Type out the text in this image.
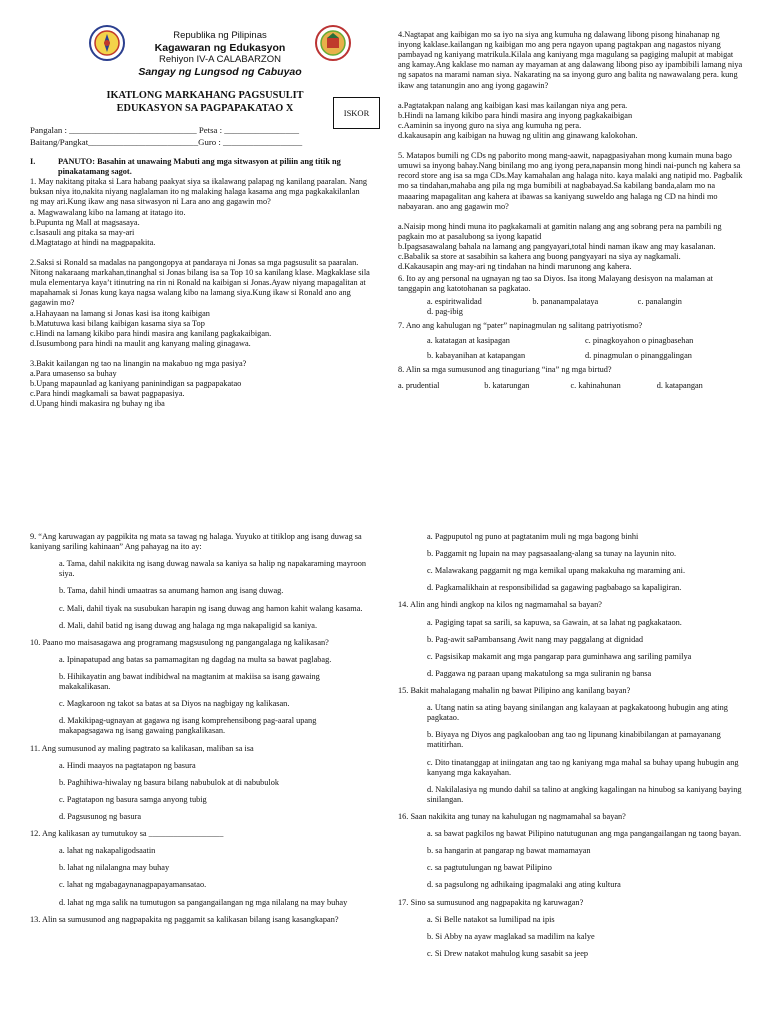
Republika ng Pilipinas
Kagawaran ng Edukasyon
Rehiyon IV-A CALABARZON
Sangay ng Lungsod ng Cabuyao
IKATLONG MARKAHANG PAGSUSULIT
EDUKASYON SA PAGPAPAKATAO X	ISKOR
Pangalan : _____________________________ Petsa : _________________
Baitang/Pangkat_________________________Guro : __________________
I.	PANUTO: Basahin at unawaing Mabuti ang mga sitwasyon at piliin ang titik ng pinakatamang sagot.

1. May nakitang pitaka si Lara habang paakyat siya sa ikalawang palapag ng kanilang paaralan. Nang buksan niya ito,nakita niyang naglalaman ito ng malaking halaga kasama ang mga pagkakakilanlan ng may ari.Kung ikaw ang nasa sitwasyon ni Lara ano ang gagawin mo?

a. Magwawalang kibo na lamang at itatago ito.

b.Pupunta ng Mall at magsasaya.

c.Isasauli ang pitaka sa may-ari

d.Magtatago at hindi na magpapakita.

2.Saksi si Ronald sa madalas na pangongopya at pandaraya ni Jonas sa mga pagsusulit sa paaralan. Nitong nakaraang markahan,tinanghal si Jonas bilang isa sa Top 10 sa kanilang klase. Magkaklase sila mula elementarya kaya’t itinutring na rin ni Ronald na kaibigan si Jonas.Ayaw niyang mapagalitan at mapahamak si Jonas kung kaya nagsa walang kibo na lamang siya.Kung ikaw si Ronald ano ang gagawin mo?

a.Hahayaan na lamang si Jonas kasi isa itong kaibigan

b.Matutuwa kasi bilang kaibigan kasama siya sa Top

c.Hindi na lamang kikibo para hindi masira ang kanilang pagkakaibigan.

d.Isusumbong para hindi na maulit ang kanyang maling ginagawa.

3.Bakit kailangan ng tao na linangin na makabuo ng mga pasiya?

a.Para umasenso sa buhay

b.Upang mapaunlad ag kaniyang paninindigan sa pagpapakatao

c.Para hindi magkamali sa bawat pagpapasiya.

d.Upang hindi makasira ng buhay ng iba

4.Nagtapat ang kaibigan mo sa iyo na siya ang kumuha ng dalawang libong pisong hinahanap ng inyong kaklase.kailangan ng kaibigan mo ang pera ngayon upang pagtakpan ang nagastos niyang pambayad ng kaniyang matrikula.Kilala ang kaniyang mga magulang sa pagiging malupit at mabigat ang kamay.Ang kaklase mo naman ay mayaman at ang dalawang libong piso ay ipambibili lamang niya ng sapatos na marami naman siya. Nakarating na sa inyong guro ang balita ng nawawalang pera. kung ikaw ang tatanungin ano ang iyong gagawin?

a.Pagtatakpan nalang ang kaibigan kasi mas kailangan niya ang pera.

b.Hindi na lamang kikibo para hindi masira ang inyong pagkakaibigan

c.Aaminin sa inyong guro na siya ang kumuha ng pera.

d.kakausapin ang kaibigan na huwag ng ulitin ang ginawang kalokohan.

5. Matapos bumili ng CDs ng paborito mong mang-aawit, napagpasiyahan mong kumain muna bago umuwi sa inyong bahay.Nang binilang mo ang iyong pera,napansin mong hindi nai-punch ng kahera sa record store ang isa sa mga CDs.May kamahalan ang halaga nito. kaya malaki ang natipid mo. Pagbalik mo sa tindahan,mahaba ang pila ng mga bumibili at nagbabayad.Sa kabilang banda,alam mo na maaaring mapagalitan ang kahera at ibawas sa kaniyang suweldo ang halaga ng CD na hindi mo nabayaran. ano ang gagawin mo?

a.Naisip mong hindi muna ito pagkakamali at gamitin nalang ang ang sobrang pera na pambili ng pagkain mo at pasalubong sa iyong kapatid

b.Ipagsasawalang bahala na lamang ang pangyayari,total hindi naman ikaw ang may kasalanan.

c.Babalik sa store at sasabihin sa kahera ang buong pangyayari na siya ay nagkamali.

d.Kakausapin ang may-ari ng tindahan na hindi marunong ang kahera.

6. Ito ay ang personal na ugnayan ng tao sa Diyos. Isa itong Malayang desisyon na malaman at tanggapin ang katotohanan sa pagkatao.

a. espiritwalidad	b. pananampalataya	c. panalangin

d. pag-ibig

7. Ano ang kahulugan ng “pater” napinagmulan ng salitang patriyotismo?

a. katatagan at kasipagan	c. pinagkoyahon o pinagbasehan
b. kabayanihan at katapangan	d. pinagmulan o pinanggalingan

8. Alin sa mga sumusunod ang tinaguriang “ina” ng mga birtud?

a. prudential	b. katarungan	c. kahinahunan	d. katapangan

9. “Ang karuwagan ay pagpikita ng mata sa tawag ng halaga. Yuyuko at titiklop ang isang duwag sa kaniyang sariling kahinaan” Ang pahayag na ito ay:

a. Tama, dahil nakikita ng isang duwag nawala sa kaniya sa halip ng napakaraming mayroon siya.

b. Tama, dahil hindi umaatras sa anumang hamon ang isang duwag.

c. Mali, dahil tiyak na susubukan harapin ng isang duwag ang hamon kahit walang kasama.

d. Mali, dahil batid ng isang duwag ang halaga ng mga nakapaligid sa kaniya.

10. Paano mo maisasagawa ang programang magsusulong ng pangangalaga ng kalikasan?

a. Ipinapatupad ang batas sa pamamagitan ng dagdag na multa sa bawat paglabag.

b. Hihikayatin ang bawat indibidwal na magtanim at makiisa sa isang gawaing makakalikasan.

c. Magkaroon ng takot sa batas at sa Diyos na nagbigay ng kalikasan.

d. Makikipag-ugnayan at gagawa ng isang komprehensibong pag-aaral upang makapagsagawa ng isang gawaing pangkalikasan.

11. Ang sumusunod ay maling pagtrato sa kalikasan, maliban sa isa

a. Hindi maayos na pagtatapon ng basura

b. Paghihiwa-hiwalay ng basura bilang nabubulok at di nabubulok

c. Pagtatapon ng basura samga anyong tubig

d. Pagsusunog ng basura

12. Ang kalikasan ay tumutukoy sa __________________

a. lahat ng nakapaligodsaatin

b. lahat ng nilalangna may buhay

c. lahat ng mgabagaynanagpapayamansatao.

d. lahat ng mga salik na tumutugon sa pangangailangan ng mga nilalang na may buhay

13. Alin sa sumusunod ang nagpapakita ng paggamit sa kalikasan bilang isang kasangkapan?

a. Pagpuputol ng puno at pagtatanim muli ng mga bagong binhi

b. Paggamit ng lupain na may pagsasaalang-alang sa tunay na layunin nito.

c. Malawakang paggamit ng mga kemikal upang makakuha ng maraming ani.

d. Pagkamalikhain at responsibilidad sa gagawing pagbabago sa kapaligiran.

14. Alin ang hindi angkop na kilos ng nagmamahal sa bayan?

a. Pagiging tapat sa sarili, sa kapuwa, sa Gawain, at sa lahat ng pagkakataon.

b. Pag-awit saPambansang Awit nang may paggalang at dignidad

c. Pagsisikap makamit ang mga pangarap para guminhawa ang sariling pamilya

d. Paggawa ng paraan upang makatulong sa mga suliranin ng bansa

15. Bakit mahalagang mahalin ng bawat Pilipino ang kanilang bayan?

a. Utang natin sa ating bayang sinilangan ang kalayaan at pagkakatoong hubugin ang ating pagkatao.

b. Biyaya ng Diyos ang pagkalooban ang tao ng lipunang kinabibilangan at pamayanang matitirhan.

c. Dito tinatanggap at iniingatan ang tao ng kaniyang mga mahal sa buhay upang hubugin ang kanyang mga kakayahan.

d. Nakilalasiya ng mundo dahil sa talino at angking kagalingan na hinubog sa kaniyang baying sinilangan.

16. Saan nakikita ang tunay na kahulugan ng nagmamahal sa bayan?

a. sa bawat pagkilos ng bawat Pilipino natutugunan ang mga pangangailangan ng taong bayan.

b. sa hangarin at pangarap ng bawat mamamayan

c. sa pagtutulungan ng bawat Pilipino

d. sa pagsulong ng adhikaing ipagmalaki ang ating kultura

17. Sino sa sumusunod ang nagpapakita ng karuwagan?

a. Si Belle natakot sa lumilipad na ipis

b. Si Abby na ayaw maglakad sa madilim na kalye

c. Si Drew natakot mahulog kung sasabit sa jeep
